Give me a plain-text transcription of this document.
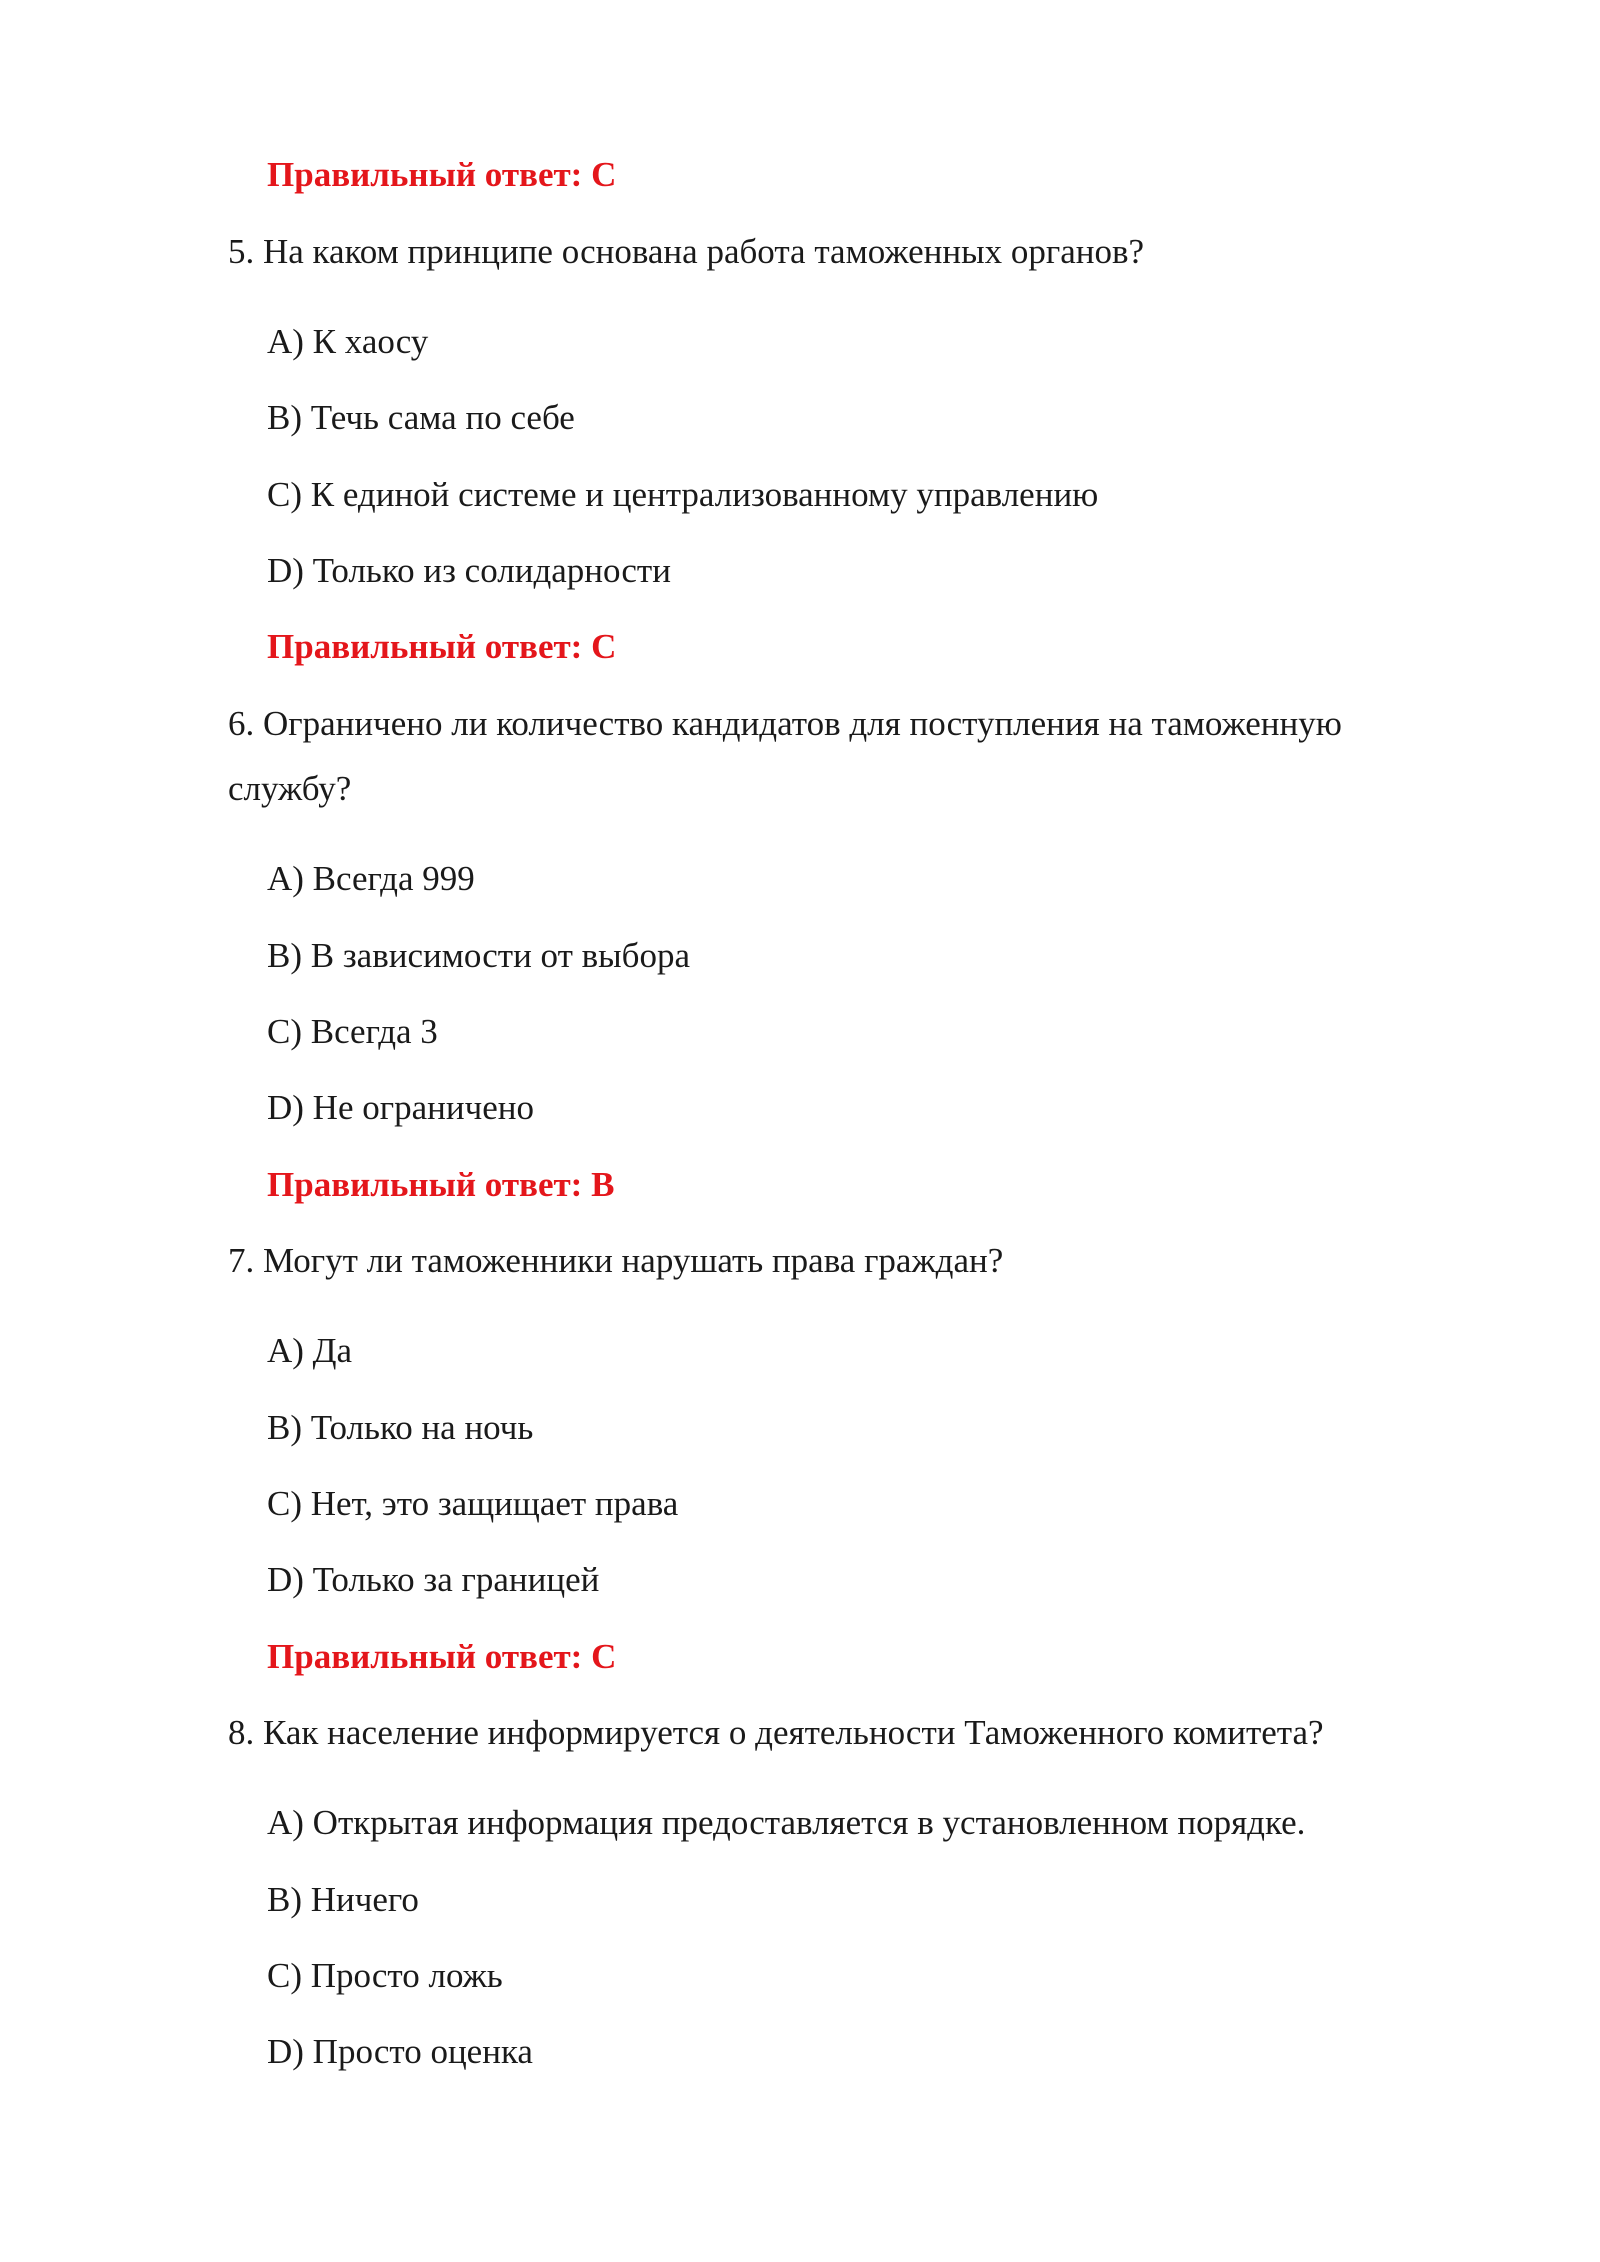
Правильный ответ: C
5. На каком принципе основана работа таможенных органов?
A) К хаосу
B) Течь сама по себе
C) К единой системе и централизованному управлению
D) Только из солидарности
Правильный ответ: C
6. Ограничено ли количество кандидатов для поступления на таможенную
службу?
A) Всегда 999
B) В зависимости от выбора
C) Всегда 3
D) Не ограничено
Правильный ответ: B
7. Могут ли таможенники нарушать права граждан?
A) Да
B) Только на ночь
C) Нет, это защищает права
D) Только за границей
Правильный ответ: C
8. Как население информируется о деятельности Таможенного комитета?
A) Открытая информация предоставляется в установленном порядке.
B) Ничего
C) Просто ложь
D) Просто оценка
